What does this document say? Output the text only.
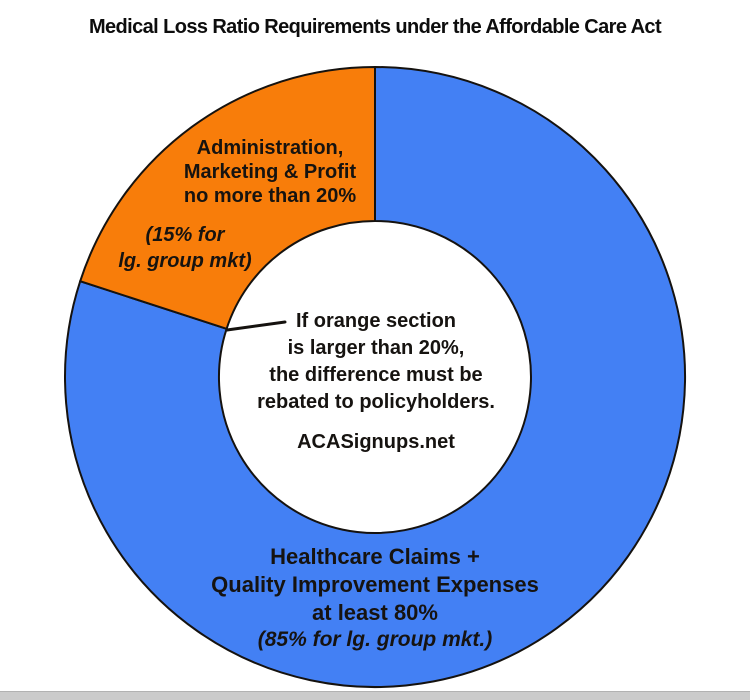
Medical Loss Ratio Requirements under the Affordable Care Act
Administration,
Marketing & Profit
no more than 20%
(15% for
lg. group mkt)
If orange section
is larger than 20%,
the difference must be
rebated to policyholders.
ACASignups.net
Healthcare Claims +
Quality Improvement Expenses
at least 80%
(85% for lg. group mkt.)
